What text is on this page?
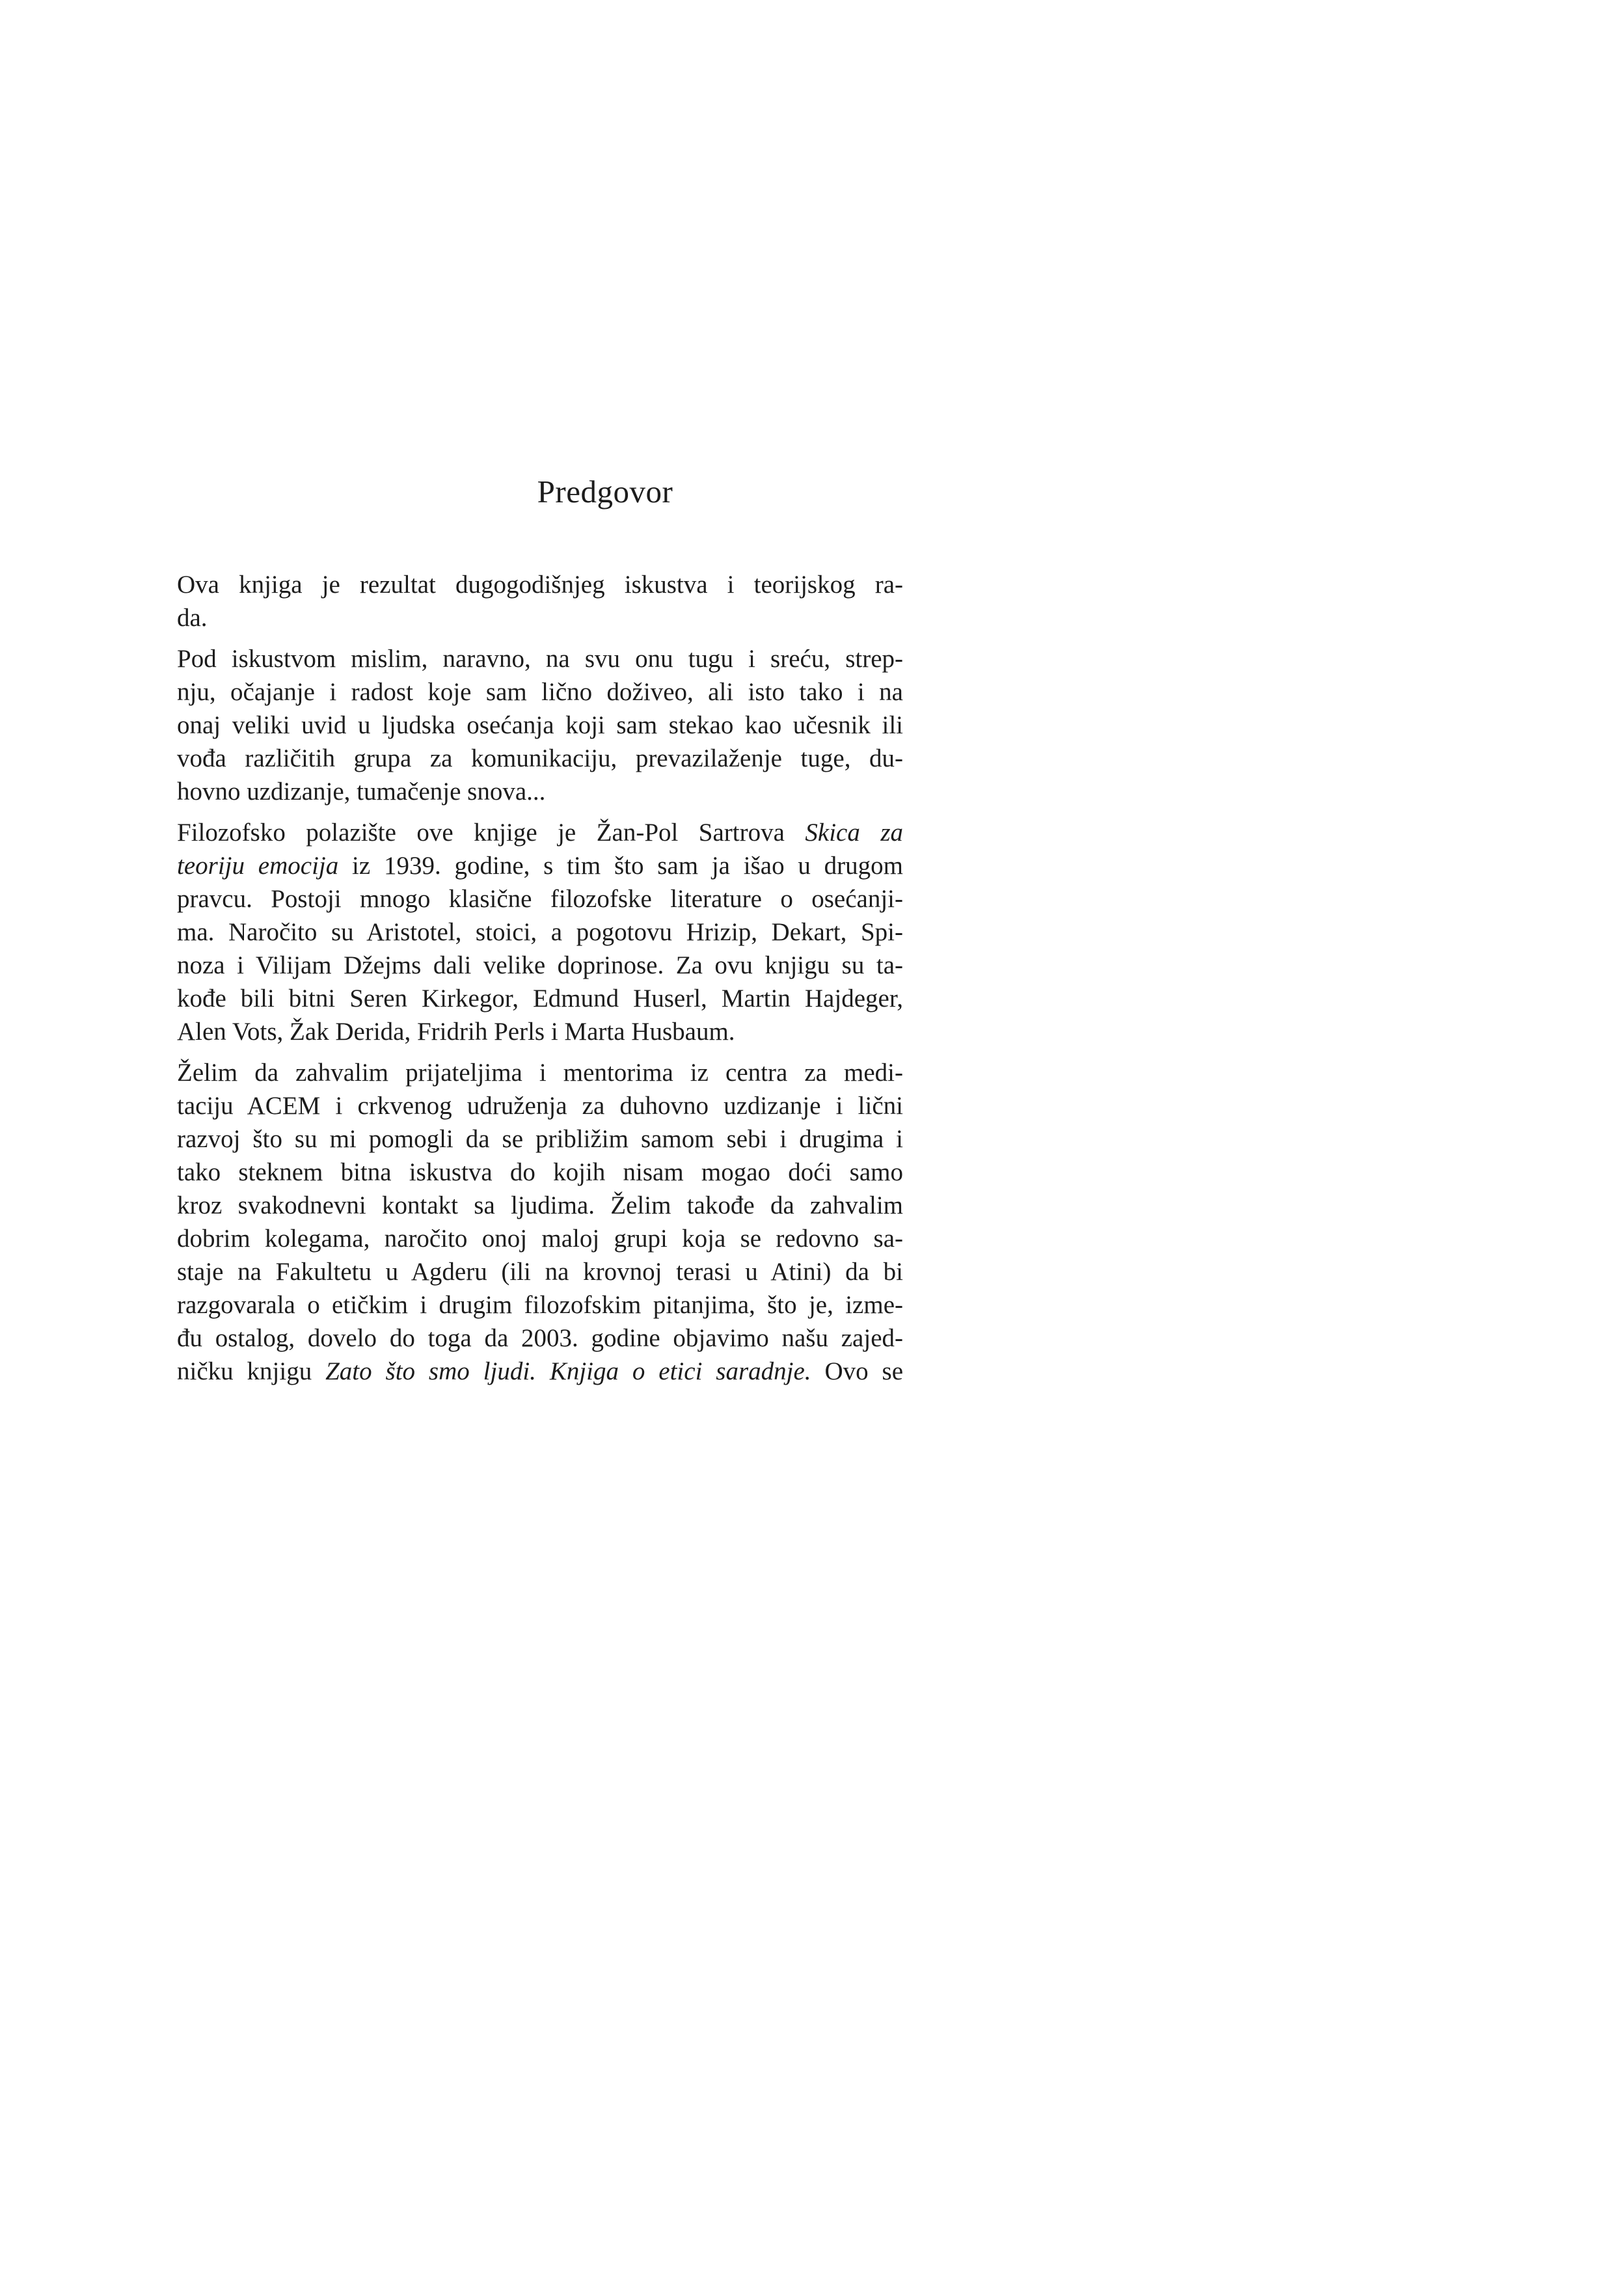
Predgovor
Ova knjiga je rezultat dugogodišnjeg iskustva i teorijskog ra-
da.
Pod iskustvom mislim, naravno, na svu onu tugu i sreću, strep-
nju, očajanje i radost koje sam lično doživeo, ali isto tako i na
onaj veliki uvid u ljudska osećanja koji sam stekao kao učesnik ili
vođa različitih grupa za komunikaciju, prevazilaženje tuge, du-
hovno uzdizanje, tumačenje snova...
Filozofsko polazište ove knjige je Žan-Pol Sartrova Skica za
teoriju emocija iz 1939. godine, s tim što sam ja išao u drugom
pravcu. Postoji mnogo klasične filozofske literature o osećanji-
ma. Naročito su Aristotel, stoici, a pogotovu Hrizip, Dekart, Spi-
noza i Vilijam Džejms dali velike doprinose. Za ovu knjigu su ta-
kođe bili bitni Seren Kirkegor, Edmund Huserl, Martin Hajdeger,
Alen Vots, Žak Derida, Fridrih Perls i Marta Husbaum.
Želim da zahvalim prijateljima i mentorima iz centra za medi-
taciju ACEM i crkvenog udruženja za duhovno uzdizanje i lični
razvoj što su mi pomogli da se približim samom sebi i drugima i
tako steknem bitna iskustva do kojih nisam mogao doći samo
kroz svakodnevni kontakt sa ljudima. Želim takođe da zahvalim
dobrim kolegama, naročito onoj maloj grupi koja se redovno sa-
staje na Fakultetu u Agderu (ili na krovnoj terasi u Atini) da bi
razgovarala o etičkim i drugim filozofskim pitanjima, što je, izme-
đu ostalog, dovelo do toga da 2003. godine objavimo našu zajed-
ničku knjigu Zato što smo ljudi. Knjiga o etici saradnje. Ovo se
